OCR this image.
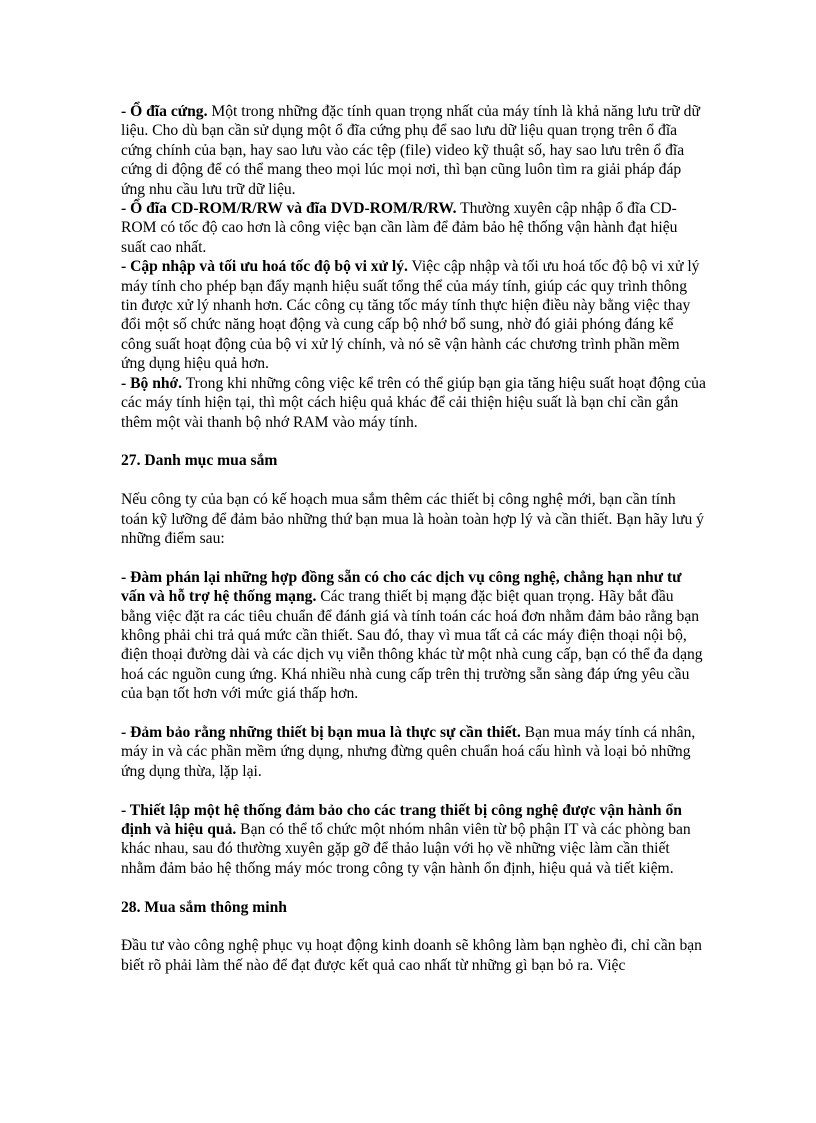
- Ổ đĩa cứng. Một trong những đặc tính quan trọng nhất của máy tính là khả năng lưu trữ dữ liệu. Cho dù bạn cần sử dụng một ổ đĩa cứng phụ để sao lưu dữ liệu quan trọng trên ổ đĩa cứng chính của bạn, hay sao lưu vào các tệp (file) video kỹ thuật số, hay sao lưu trên ổ đĩa cứng di động để có thể mang theo mọi lúc mọi nơi, thì bạn cũng luôn tìm ra giải pháp đáp ứng nhu cầu lưu trữ dữ liệu.

- Ổ đĩa CD-ROM/R/RW và đĩa DVD-ROM/R/RW. Thường xuyên cập nhập ổ đĩa CD-ROM có tốc độ cao hơn là công việc bạn cần làm để đảm bảo hệ thống vận hành đạt hiệu suất cao nhất.

- Cập nhập và tối ưu hoá tốc độ bộ vi xử lý. Việc cập nhập và tối ưu hoá tốc độ bộ vi xử lý máy tính cho phép bạn đẩy mạnh hiệu suất tổng thể của máy tính, giúp các quy trình thông tin được xử lý nhanh hơn. Các công cụ tăng tốc máy tính thực hiện điều này bằng việc thay đổi một số chức năng hoạt động và cung cấp bộ nhớ bổ sung, nhờ đó giải phóng đáng kể công suất hoạt động của bộ vi xử lý chính, và nó sẽ vận hành các chương trình phần mềm ứng dụng hiệu quả hơn.

- Bộ nhớ. Trong khi những công việc kể trên có thể giúp bạn gia tăng hiệu suất hoạt động của các máy tính hiện tại, thì một cách hiệu quả khác để cải thiện hiệu suất là bạn chỉ cần gắn thêm một vài thanh bộ nhớ RAM vào máy tính.

27. Danh mục mua sắm

Nếu công ty của bạn có kế hoạch mua sắm thêm các thiết bị công nghệ mới, bạn cần tính toán kỹ lưỡng để đảm bảo những thứ bạn mua là hoàn toàn hợp lý và cần thiết. Bạn hãy lưu ý những điểm sau:

- Đàm phán lại những hợp đồng sẵn có cho các dịch vụ công nghệ, chẳng hạn như tư vấn và hỗ trợ hệ thống mạng. Các trang thiết bị mạng đặc biệt quan trọng. Hãy bắt đầu bằng việc đặt ra các tiêu chuẩn để đánh giá và tính toán các hoá đơn nhằm đảm bảo rằng bạn không phải chi trả quá mức cần thiết. Sau đó, thay vì mua tất cả các máy điện thoại nội bộ, điện thoại đường dài và các dịch vụ viễn thông khác từ một nhà cung cấp, bạn có thể đa dạng hoá các nguồn cung ứng. Khá nhiều nhà cung cấp trên thị trường sẵn sàng đáp ứng yêu cầu của bạn tốt hơn với mức giá thấp hơn.

- Đảm bảo rằng những thiết bị bạn mua là thực sự cần thiết. Bạn mua máy tính cá nhân, máy in và các phần mềm ứng dụng, nhưng đừng quên chuẩn hoá cấu hình và loại bỏ những ứng dụng thừa, lặp lại.

- Thiết lập một hệ thống đảm bảo cho các trang thiết bị công nghệ được vận hành ổn định và hiệu quả. Bạn có thể tổ chức một nhóm nhân viên từ bộ phận IT và các phòng ban khác nhau, sau đó thường xuyên gặp gỡ để thảo luận với họ về những việc làm cần thiết nhằm đảm bảo hệ thống máy móc trong công ty vận hành ổn định, hiệu quả và tiết kiệm.

28. Mua sắm thông minh

Đầu tư vào công nghệ phục vụ hoạt động kinh doanh sẽ không làm bạn nghèo đi, chỉ cần bạn biết rõ phải làm thế nào để đạt được kết quả cao nhất từ những gì bạn bỏ ra. Việc
